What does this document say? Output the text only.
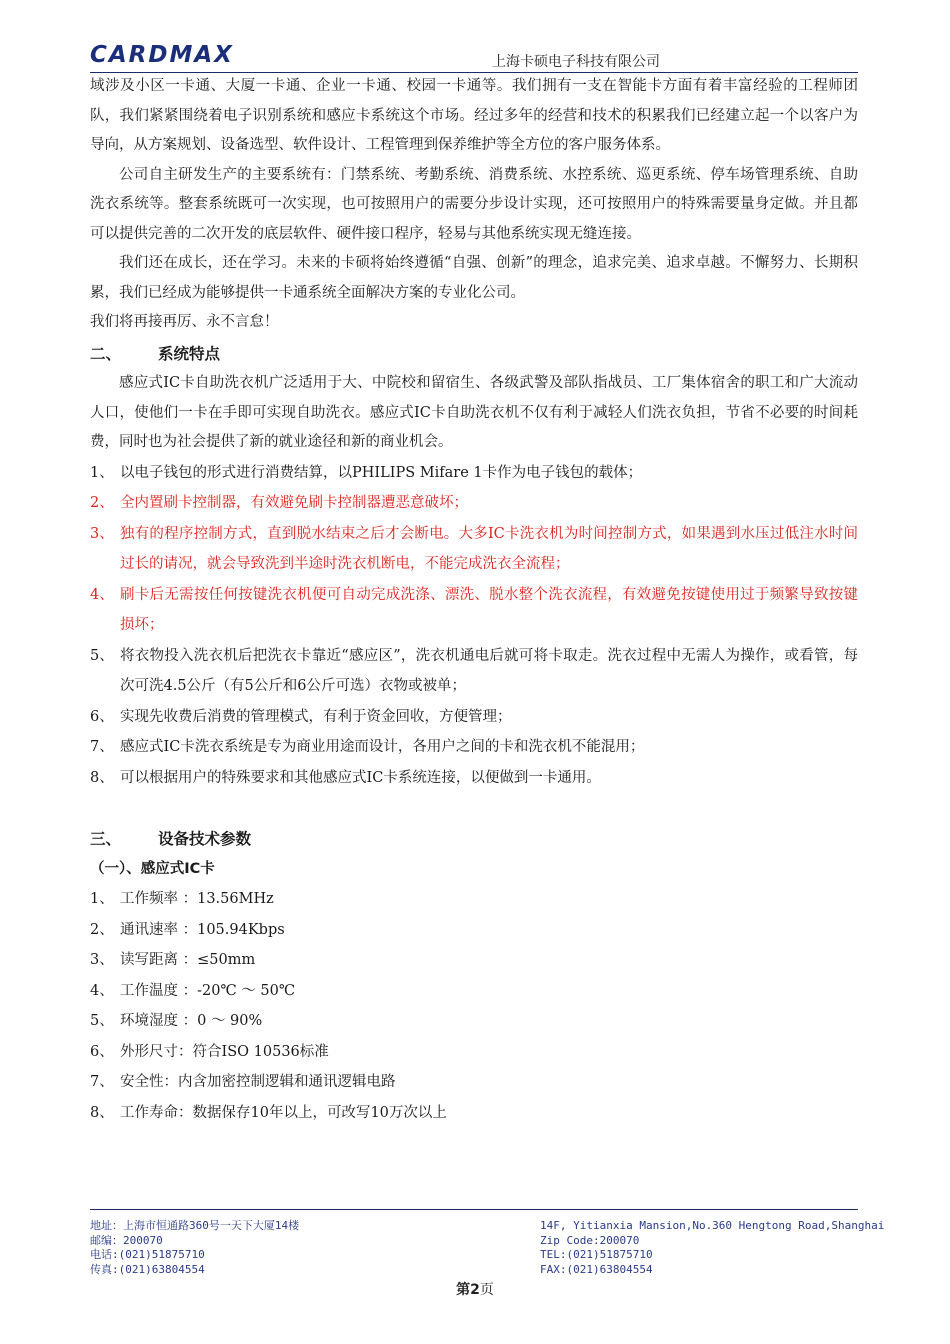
CARDMAX	上海卡硕电子科技有限公司

域涉及小区一卡通、大厦一卡通、企业一卡通、校园一卡通等。我们拥有一支在智能卡方面有着丰富经验的工程师团队，我们紧紧围绕着电子识别系统和感应卡系统这个市场。经过多年的经营和技术的积累我们已经建立起一个以客户为导向，从方案规划、设备选型、软件设计、工程管理到保养维护等全方位的客户服务体系。

公司自主研发生产的主要系统有：门禁系统、考勤系统、消费系统、水控系统、巡更系统、停车场管理系统、自助洗衣系统等。整套系统既可一次实现，也可按照用户的需要分步设计实现，还可按照用户的特殊需要量身定做。并且都可以提供完善的二次开发的底层软件、硬件接口程序，轻易与其他系统实现无缝连接。

我们还在成长，还在学习。未来的卡硕将始终遵循“自强、创新”的理念，追求完美、追求卓越。不懈努力、长期积累，我们已经成为能够提供一卡通系统全面解决方案的专业化公司。

我们将再接再厉、永不言怠！

二、 系统特点

感应式IC卡自助洗衣机广泛适用于大、中院校和留宿生、各级武警及部队指战员、工厂集体宿舍的职工和广大流动人口，使他们一卡在手即可实现自助洗衣。感应式IC卡自助洗衣机不仅有利于减轻人们洗衣负担，节省不必要的时间耗费，同时也为社会提供了新的就业途径和新的商业机会。

1、 以电子钱包的形式进行消费结算，以PHILIPS Mifare 1卡作为电子钱包的载体；
2、 全内置刷卡控制器，有效避免刷卡控制器遭恶意破坏；
3、 独有的程序控制方式，直到脱水结束之后才会断电。大多IC卡洗衣机为时间控制方式，如果遇到水压过低注水时间过长的请况，就会导致洗到半途时洗衣机断电，不能完成洗衣全流程；
4、 刷卡后无需按任何按键洗衣机便可自动完成洗涤、漂洗、脱水整个洗衣流程，有效避免按键使用过于频繁导致按键损坏；
5、 将衣物投入洗衣机后把洗衣卡靠近“感应区”，洗衣机通电后就可将卡取走。洗衣过程中无需人为操作，或看管，每次可洗4.5公斤（有5公斤和6公斤可选）衣物或被单；
6、 实现先收费后消费的管理模式，有利于资金回收，方便管理；
7、 感应式IC卡洗衣系统是专为商业用途而设计，各用户之间的卡和洗衣机不能混用；
8、 可以根据用户的特殊要求和其他感应式IC卡系统连接，以便做到一卡通用。
三、 设备技术参数
（一）、感应式IC卡
1、 工作频率 ：13.56MHz
2、 通讯速率 ：105.94Kbps
3、 读写距离 ：≤50mm
4、 工作温度 ：-20℃ ～ 50℃
5、 环境湿度 ：0 ～ 90%
6、 外形尺寸：符合ISO 10536标准
7、 安全性：内含加密控制逻辑和通讯逻辑电路
8、 工作寿命：数据保存10年以上，可改写10万次以上
地址：上海市恒通路360号一天下大厦14楼
邮编：200070
电话:(021)51875710
传真:(021)63804554
14F, Yitianxia Mansion,No.360 Hengtong Road,Shanghai
Zip Code:200070
TEL:(021)51875710
FAX:(021)63804554
第2页
